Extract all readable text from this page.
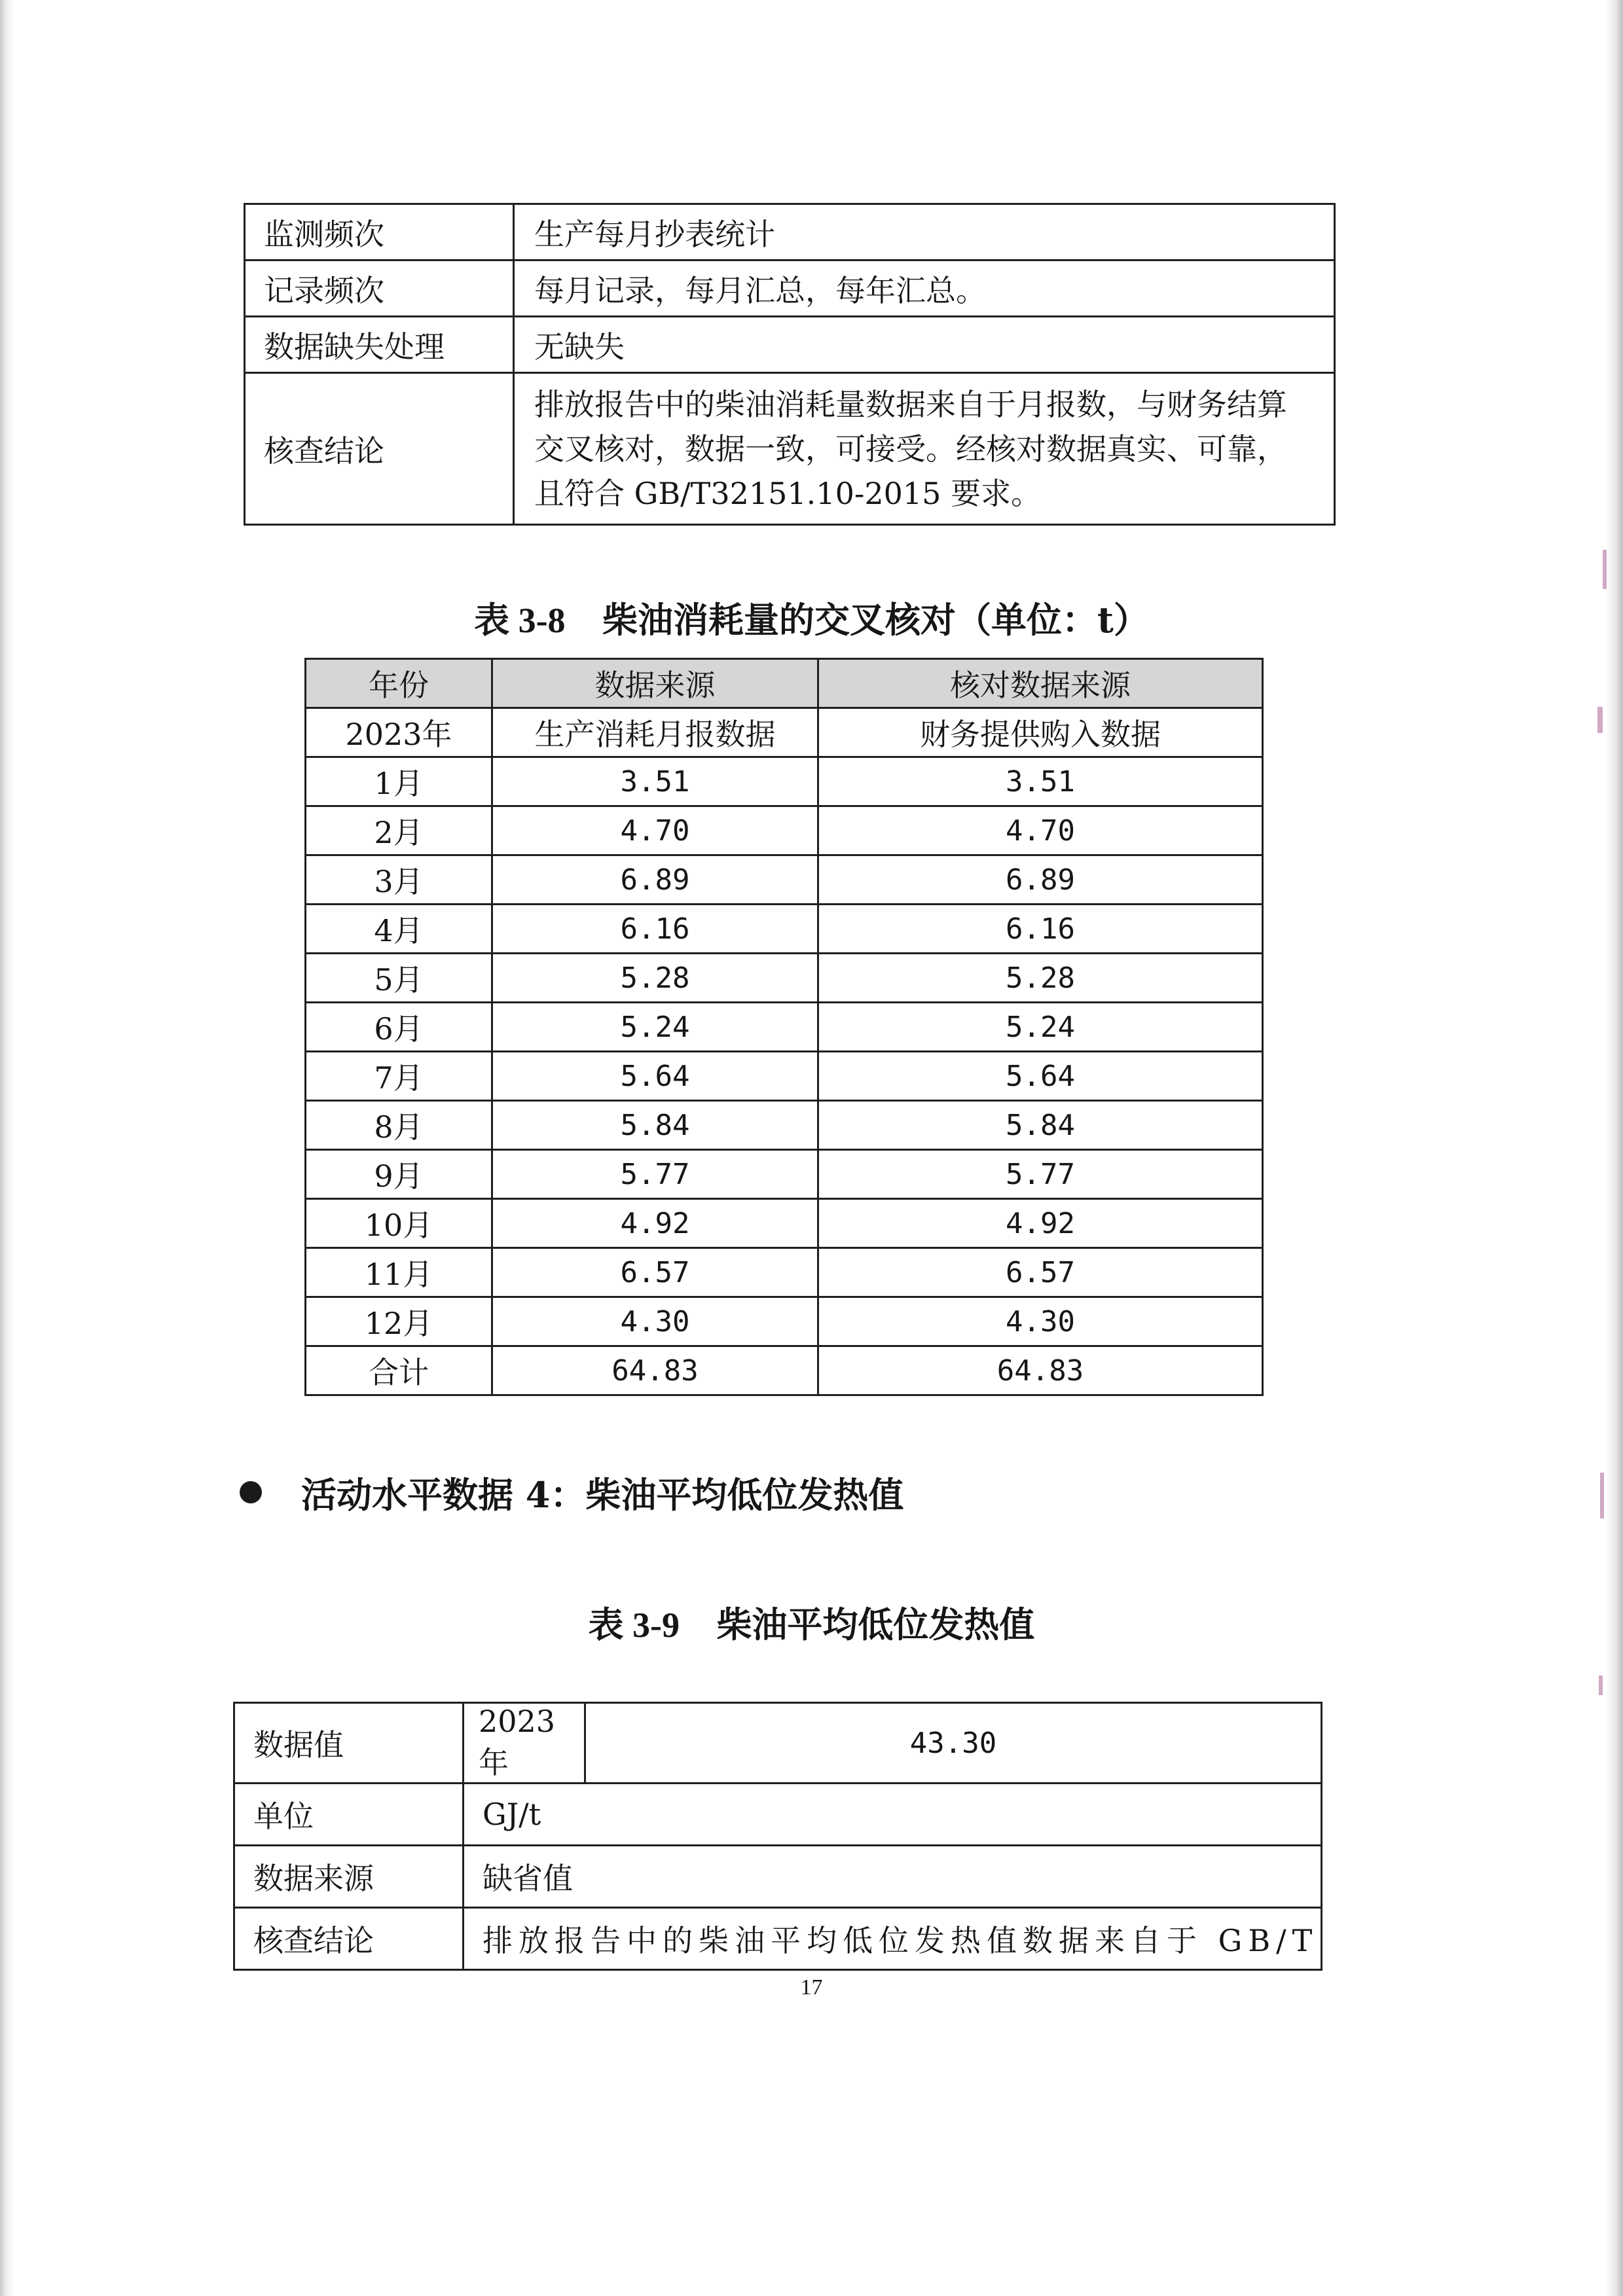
监测频次	生产每月抄表统计
记录频次	每月记录，每月汇总，每年汇总。
数据缺失处理	无缺失
核查结论	排放报告中的柴油消耗量数据来自于月报数，与财务结算
交叉核对，数据一致，可接受。经核对数据真实、可靠，
且符合 GB/T32151.10-2015 要求。
表 3-8 柴油消耗量的交叉核对（单位：t）
年份	数据来源	核对数据来源
2023年	生产消耗月报数据	财务提供购入数据
1月	3.51	3.51
2月	4.70	4.70
3月	6.89	6.89
4月	6.16	6.16
5月	5.28	5.28
6月	5.24	5.24
7月	5.64	5.64
8月	5.84	5.84
9月	5.77	5.77
10月	4.92	4.92
11月	6.57	6.57
12月	4.30	4.30
合计	64.83	64.83
活动水平数据 4：柴油平均低位发热值
表 3-9 柴油平均低位发热值
数据值	2023 年	43.30
单位	GJ/t	
数据来源	缺省值	
核查结论	排放报告中的柴油平均低位发热值数据来自于 GB/T	
17
